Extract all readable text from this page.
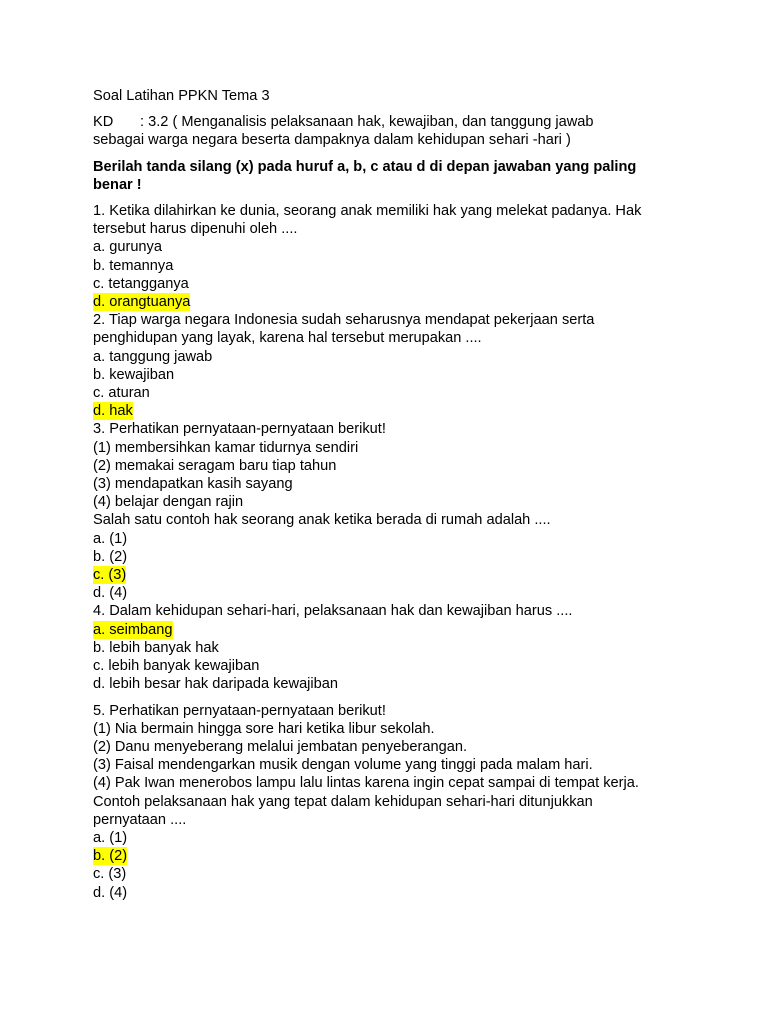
Soal Latihan PPKN Tema 3
KD	: 3.2 ( Menganalisis pelaksanaan hak, kewajiban, dan tanggung jawab
sebagai warga negara beserta dampaknya dalam kehidupan sehari -hari )
Berilah tanda silang (x) pada huruf a, b, c atau d di depan jawaban yang paling
benar !
1. Ketika dilahirkan ke dunia, seorang anak memiliki hak yang melekat padanya. Hak
tersebut harus dipenuhi oleh ....
a. gurunya
b. temannya
c. tetangganya
d. orangtuanya
2. Tiap warga negara Indonesia sudah seharusnya mendapat pekerjaan serta
penghidupan yang layak, karena hal tersebut merupakan ....
a. tanggung jawab
b. kewajiban
c. aturan
d. hak
3. Perhatikan pernyataan-pernyataan berikut!
(1) membersihkan kamar tidurnya sendiri
(2) memakai seragam baru tiap tahun
(3) mendapatkan kasih sayang
(4) belajar dengan rajin
Salah satu contoh hak seorang anak ketika berada di rumah adalah ....
a. (1)
b. (2)
c. (3)
d. (4)
4. Dalam kehidupan sehari-hari, pelaksanaan hak dan kewajiban harus ....
a. seimbang
b. lebih banyak hak
c. lebih banyak kewajiban
d. lebih besar hak daripada kewajiban
5. Perhatikan pernyataan-pernyataan berikut!
(1) Nia bermain hingga sore hari ketika libur sekolah.
(2) Danu menyeberang melalui jembatan penyeberangan.
(3) Faisal mendengarkan musik dengan volume yang tinggi pada malam hari.
(4) Pak Iwan menerobos lampu lalu lintas karena ingin cepat sampai di tempat kerja.
Contoh pelaksanaan hak yang tepat dalam kehidupan sehari-hari ditunjukkan
pernyataan ....
a. (1)
b. (2)
c. (3)
d. (4)
